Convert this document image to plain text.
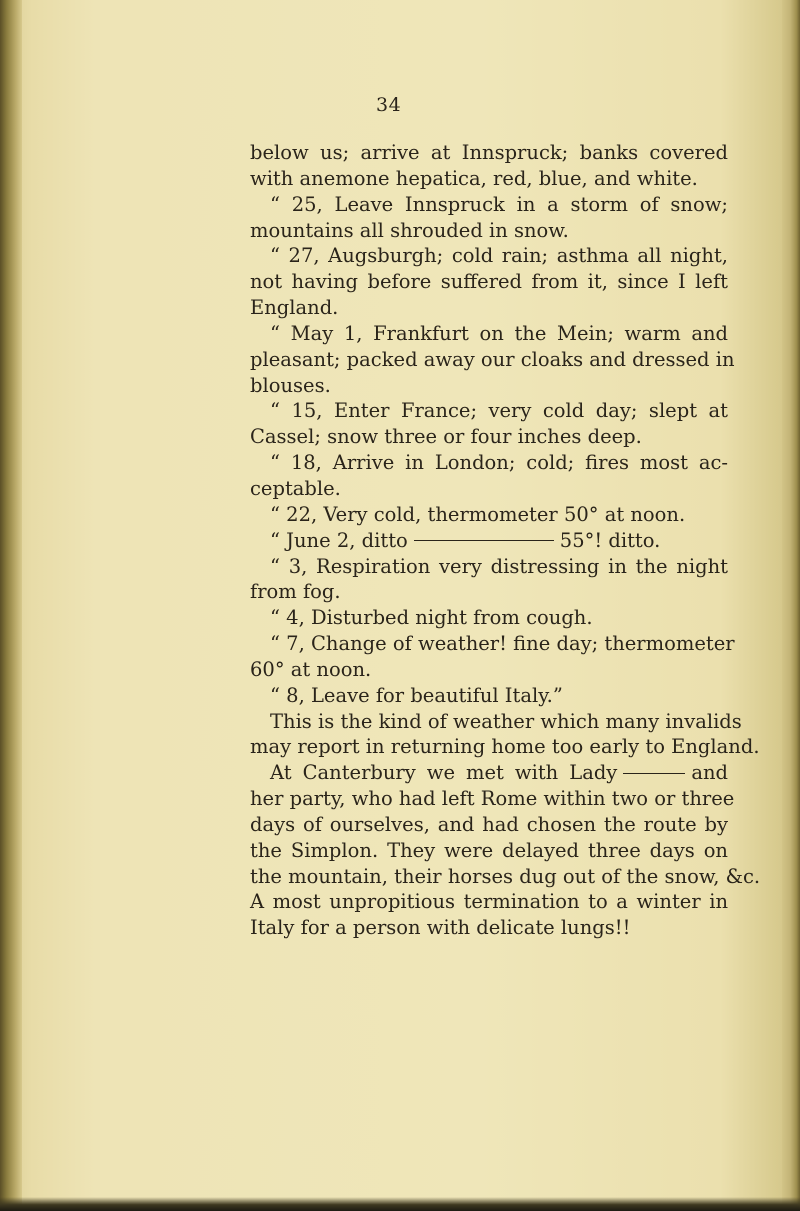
34
below us; arrive at Innspruck; banks covered
with anemone hepatica, red, blue, and white.
“ 25, Leave Innspruck in a storm of snow;
mountains all shrouded in snow.
“ 27, Augsburgh; cold rain; asthma all night,
not having before suffered from it, since I left
England.
“ May 1, Frankfurt on the Mein; warm and
pleasant; packed away our cloaks and dressed in
blouses.
“ 15, Enter France; very cold day; slept at
Cassel; snow three or four inches deep.
“ 18, Arrive in London; cold; fires most ac-
ceptable.
“ 22, Very cold, thermometer 50° at noon.
“ June 2, ditto	55°! ditto.
“ 3, Respiration very distressing in the night
from fog.
“ 4, Disturbed night from cough.
“ 7, Change of weather! fine day; thermometer
60° at noon.
“ 8, Leave for beautiful Italy.”
This is the kind of weather which many invalids
may report in returning home too early to England.
At Canterbury we met with Lady	and
her party, who had left Rome within two or three
days of ourselves, and had chosen the route by
the Simplon. They were delayed three days on
the mountain, their horses dug out of the snow, &c.
A most unpropitious termination to a winter in
Italy for a person with delicate lungs!!
